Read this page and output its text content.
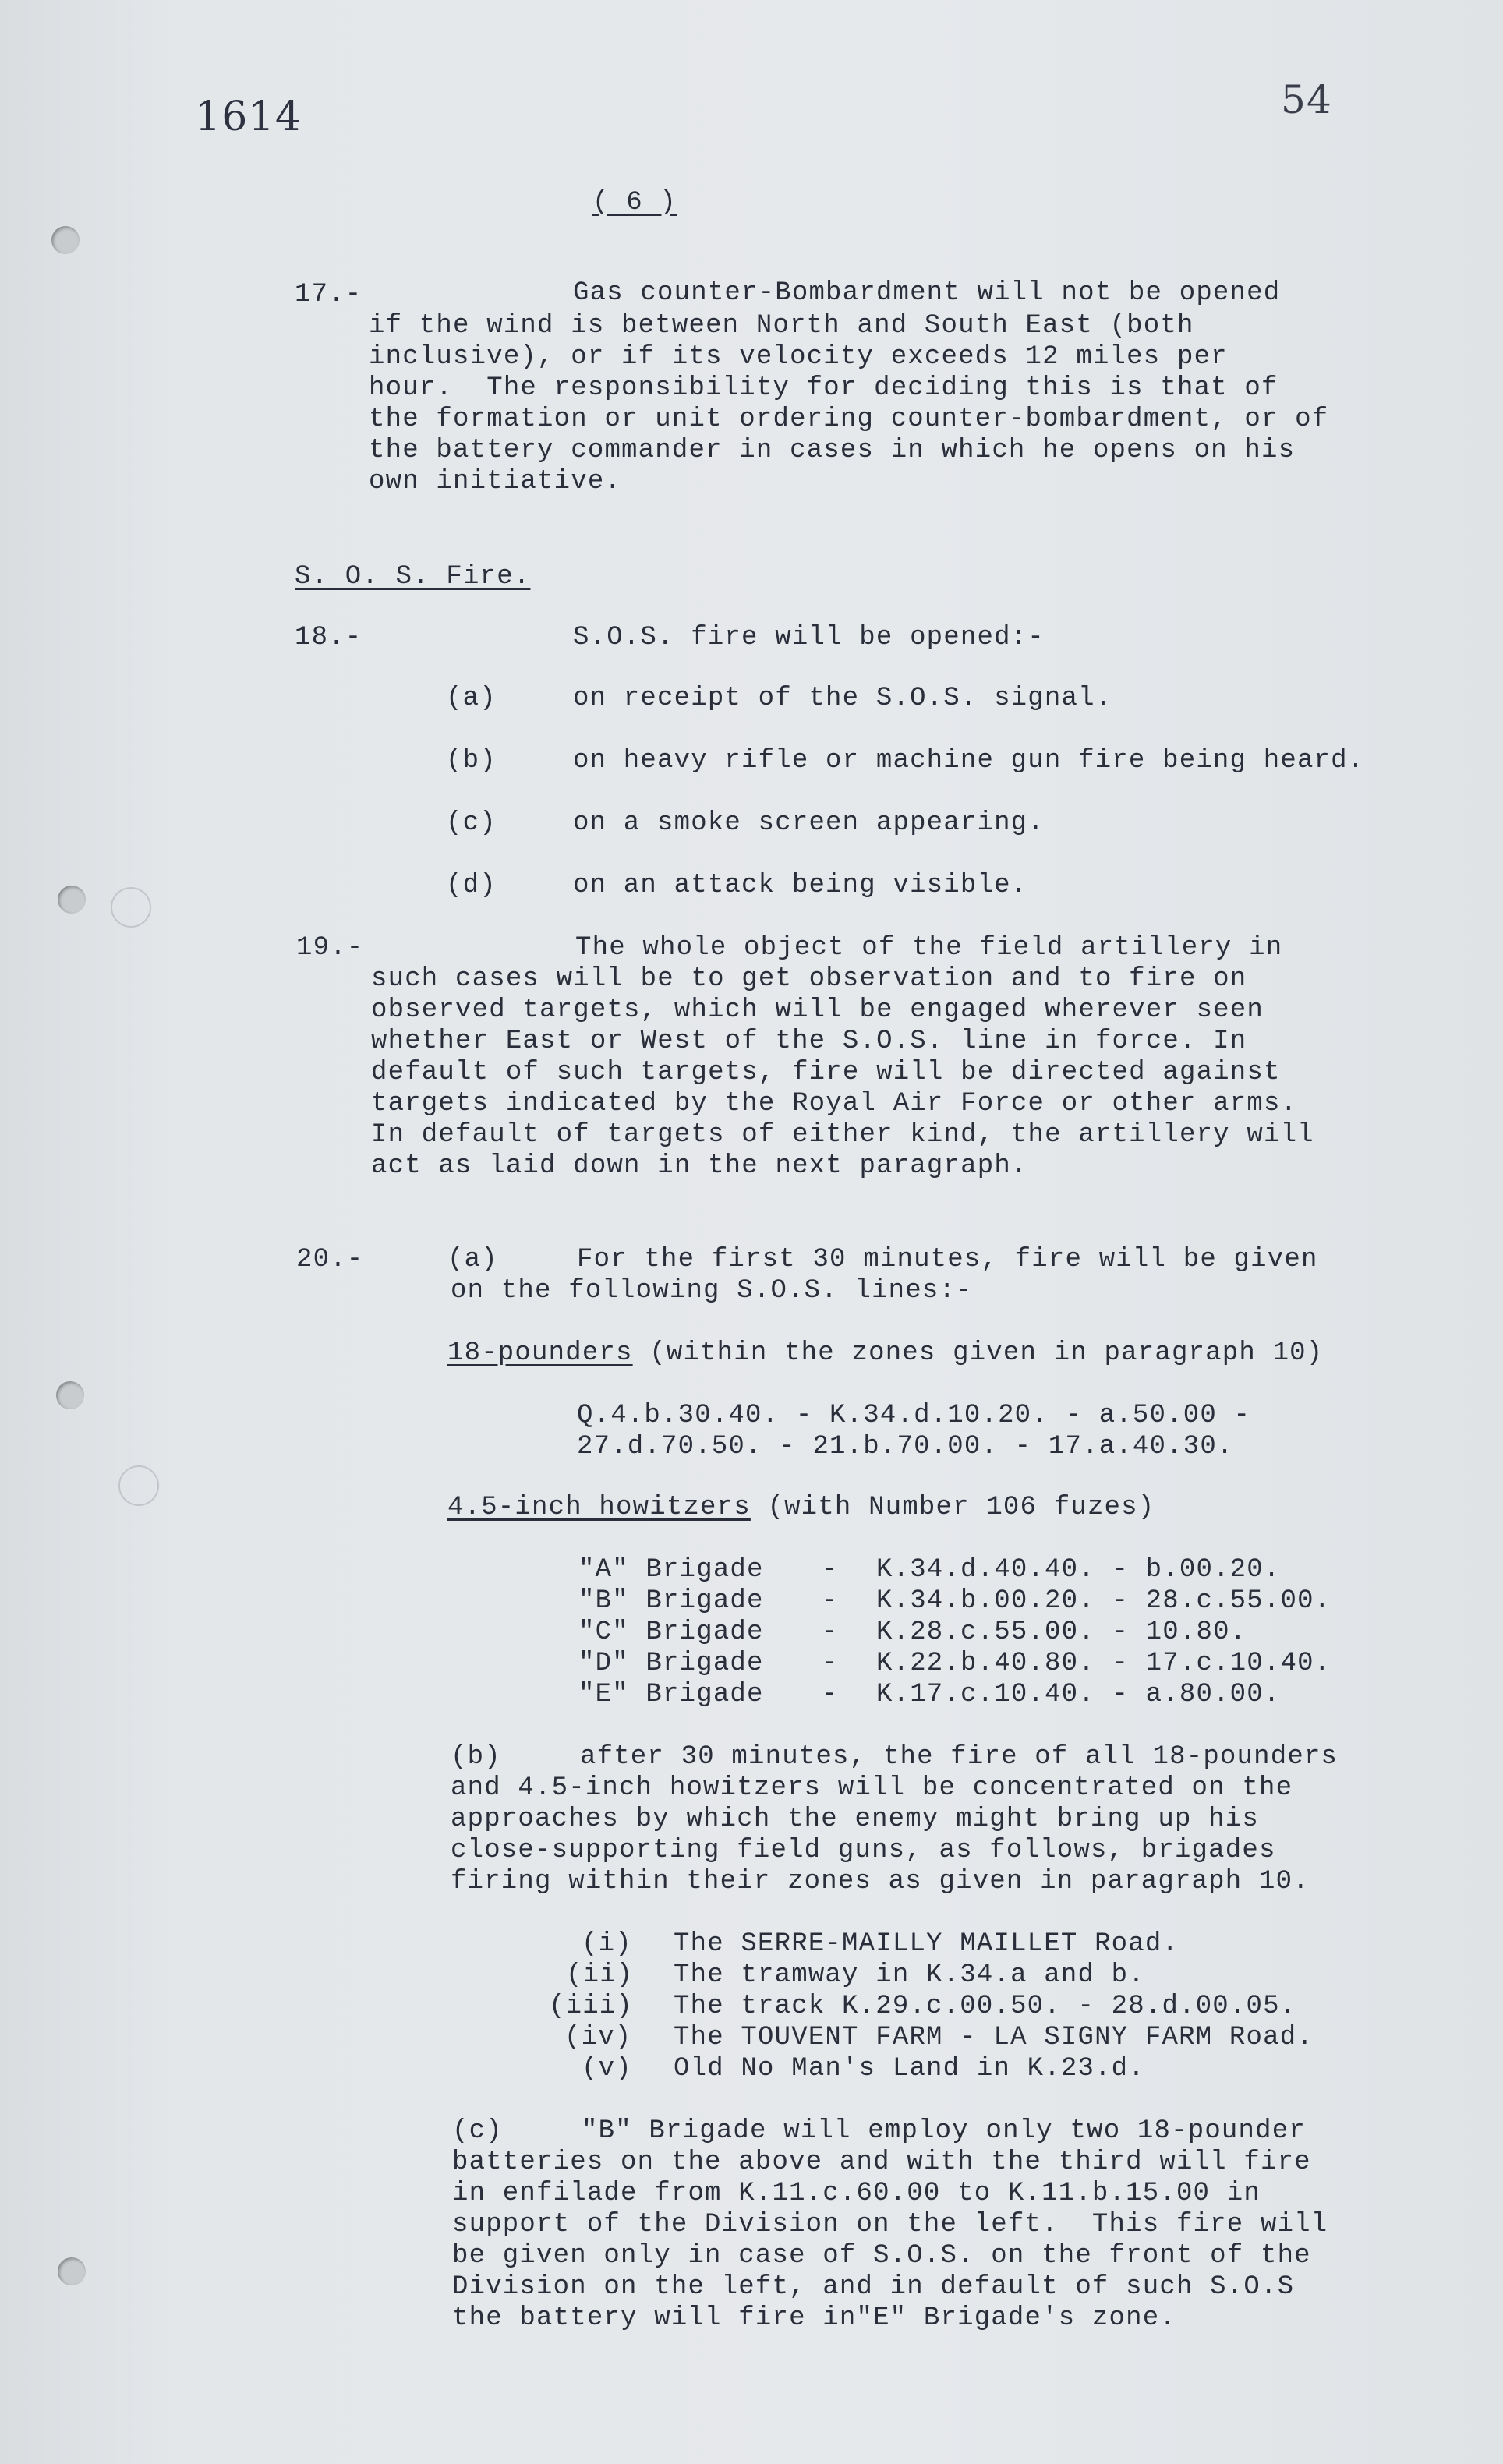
1614	54
( 6 )
17.-	Gas counter-Bombardment will not be opened
if the wind is between North and South East (both
inclusive), or if its velocity exceeds 12 miles per
hour.  The responsibility for deciding this is that of
the formation or unit ordering counter-bombardment, or of
the battery commander in cases in which he opens on his
own initiative.
S. O. S. Fire.
18.-	S.O.S. fire will be opened:-
(a)	on receipt of the S.O.S. signal.
(b)	on heavy rifle or machine gun fire being heard.
(c)	on a smoke screen appearing.
(d)	on an attack being visible.
19.-	The whole object of the field artillery in
such cases will be to get observation and to fire on
observed targets, which will be engaged wherever seen
whether East or West of the S.O.S. line in force. In
default of such targets, fire will be directed against
targets indicated by the Royal Air Force or other arms.
In default of targets of either kind, the artillery will
act as laid down in the next paragraph.
20.-	(a)	For the first 30 minutes, fire will be given
on the following S.O.S. lines:-
18-pounders (within the zones given in paragraph 10)
Q.4.b.30.40. - K.34.d.10.20. - a.50.00 -
27.d.70.50. - 21.b.70.00. - 17.a.40.30.
4.5-inch howitzers (with Number 106 fuzes)
"A" Brigade - K.34.d.40.40. - b.00.20.
"B" Brigade - K.34.b.00.20. - 28.c.55.00.
"C" Brigade - K.28.c.55.00. - 10.80.
"D" Brigade - K.22.b.40.80. - 17.c.10.40.
"E" Brigade - K.17.c.10.40. - a.80.00.
(b)	after 30 minutes, the fire of all 18-pounders
and 4.5-inch howitzers will be concentrated on the
approaches by which the enemy might bring up his
close-supporting field guns, as follows, brigades
firing within their zones as given in paragraph 10.
(i) The SERRE-MAILLY MAILLET Road.
(ii) The tramway in K.34.a and b.
(iii) The track K.29.c.00.50. - 28.d.00.05.
(iv) The TOUVENT FARM - LA SIGNY FARM Road.
(v) Old No Man's Land in K.23.d.
(c)	"B" Brigade will employ only two 18-pounder
batteries on the above and with the third will fire
in enfilade from K.11.c.60.00 to K.11.b.15.00 in
support of the Division on the left.  This fire will
be given only in case of S.O.S. on the front of the
Division on the left, and in default of such S.O.S
the battery will fire in"E" Brigade's zone.
